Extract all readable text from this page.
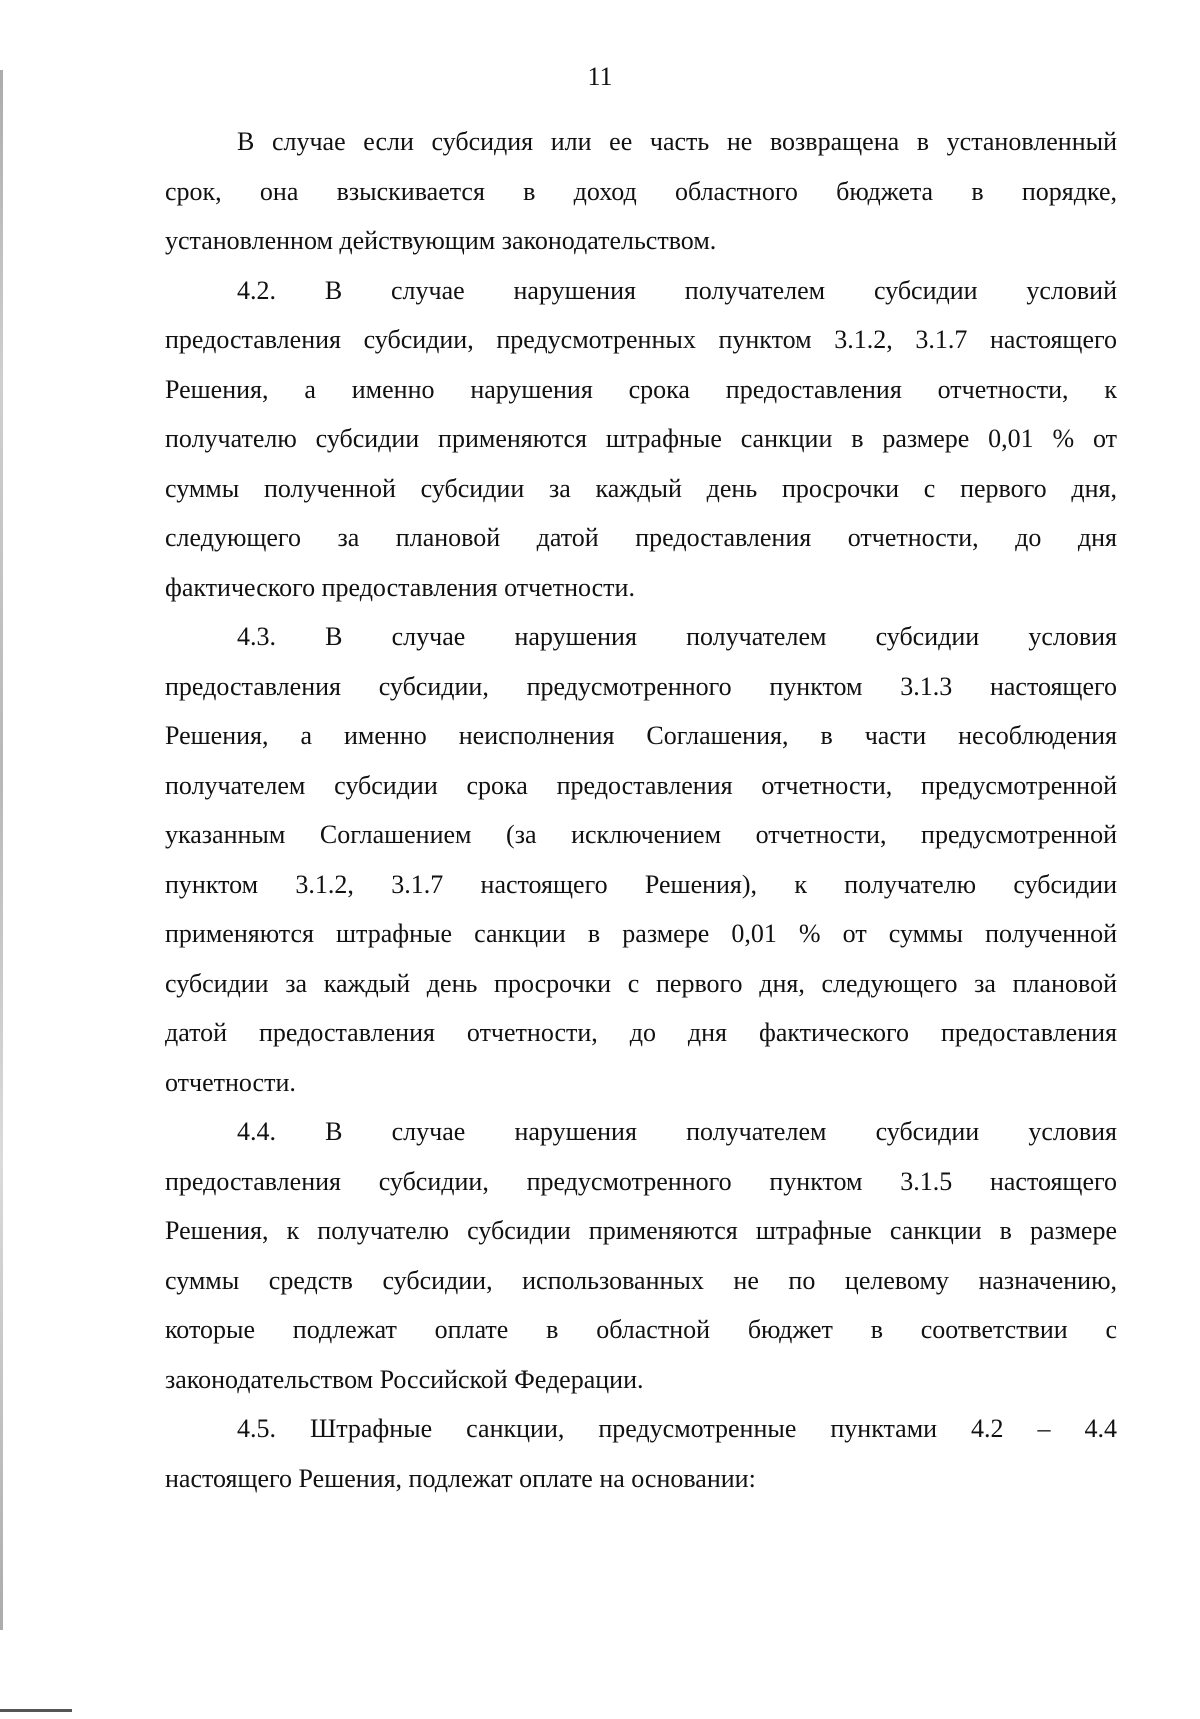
11
В случае если субсидия или ее часть не возвращена в установленный
срок, она взыскивается в доход областного бюджета в порядке,
установленном действующим законодательством.
4.2. В случае нарушения получателем субсидии условий
предоставления субсидии, предусмотренных пунктом 3.1.2, 3.1.7 настоящего
Решения, а именно нарушения срока предоставления отчетности, к
получателю субсидии применяются штрафные санкции в размере 0,01 % от
суммы полученной субсидии за каждый день просрочки с первого дня,
следующего за плановой датой предоставления отчетности, до дня
фактического предоставления отчетности.
4.3. В случае нарушения получателем субсидии условия
предоставления субсидии, предусмотренного пунктом 3.1.3 настоящего
Решения, а именно неисполнения Соглашения, в части несоблюдения
получателем субсидии срока предоставления отчетности, предусмотренной
указанным Соглашением (за исключением отчетности, предусмотренной
пунктом 3.1.2, 3.1.7 настоящего Решения), к получателю субсидии
применяются штрафные санкции в размере 0,01 % от суммы полученной
субсидии за каждый день просрочки с первого дня, следующего за плановой
датой предоставления отчетности, до дня фактического предоставления
отчетности.
4.4. В случае нарушения получателем субсидии условия
предоставления субсидии, предусмотренного пунктом 3.1.5 настоящего
Решения, к получателю субсидии применяются штрафные санкции в размере
суммы средств субсидии, использованных не по целевому назначению,
которые подлежат оплате в областной бюджет в соответствии с
законодательством Российской Федерации.
4.5. Штрафные санкции, предусмотренные пунктами 4.2 – 4.4
настоящего Решения, подлежат оплате на основании:
